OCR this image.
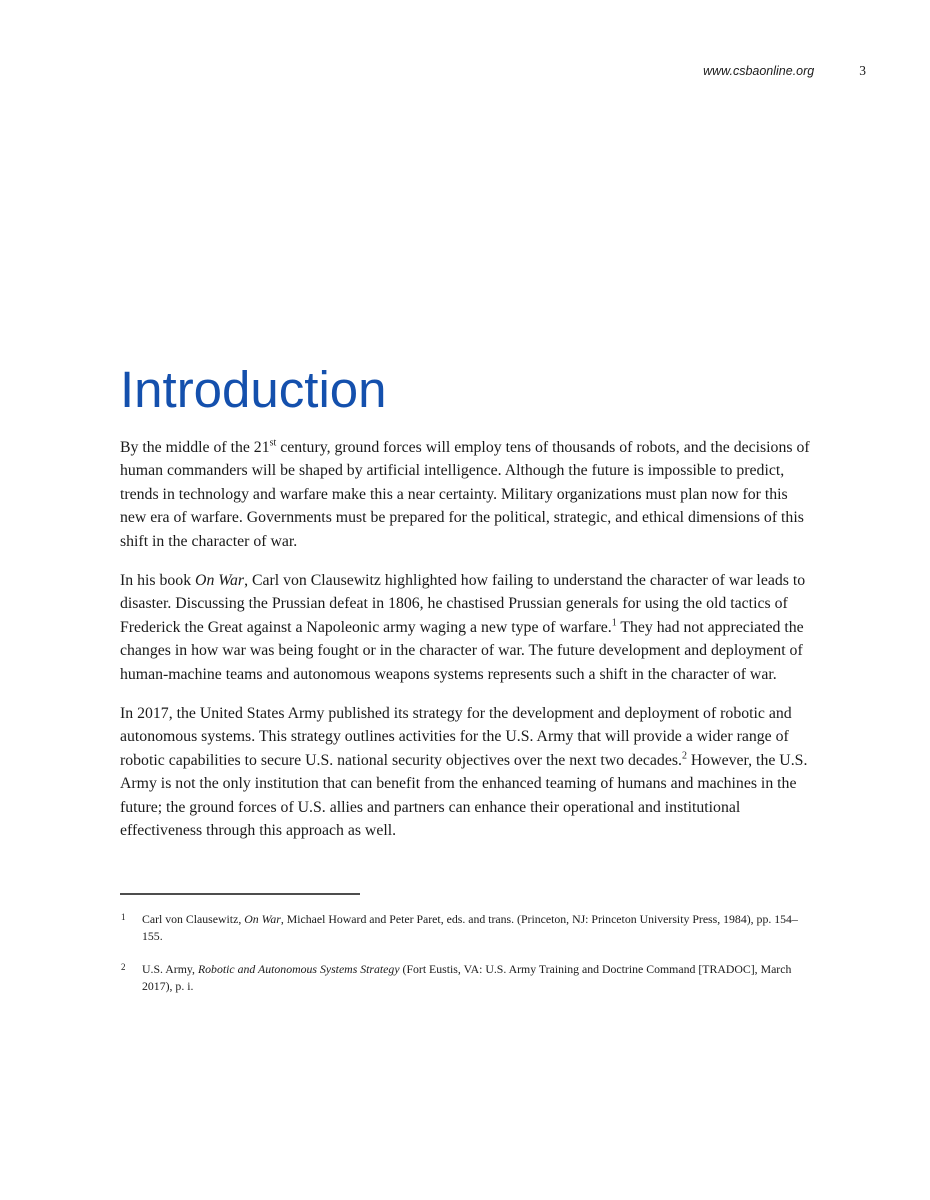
www.csbaonline.org	3
Introduction

By the middle of the 21st century, ground forces will employ tens of thousands of robots, and the decisions of human commanders will be shaped by artificial intelligence. Although the future is impossible to predict, trends in technology and warfare make this a near certainty. Military organizations must plan now for this new era of warfare. Governments must be prepared for the political, strategic, and ethical dimensions of this shift in the character of war.

In his book On War, Carl von Clausewitz highlighted how failing to understand the character of war leads to disaster. Discussing the Prussian defeat in 1806, he chastised Prussian generals for using the old tactics of Frederick the Great against a Napoleonic army waging a new type of warfare.$^1$ They had not appreciated the changes in how war was being fought or in the character of war. The future development and deployment of human-machine teams and autonomous weapons systems represents such a shift in the character of war.

In 2017, the United States Army published its strategy for the development and deployment of robotic and autonomous systems. This strategy outlines activities for the U.S. Army that will provide a wider range of robotic capabilities to secure U.S. national security objectives over the next two decades.$^2$ However, the U.S. Army is not the only institution that can benefit from the enhanced teaming of humans and machines in the future; the ground forces of U.S. allies and partners can enhance their operational and institutional effectiveness through this approach as well.

1 Carl von Clausewitz, On War, Michael Howard and Peter Paret, eds. and trans. (Princeton, NJ: Princeton University Press, 1984), pp. 154–155.
2 U.S. Army, Robotic and Autonomous Systems Strategy (Fort Eustis, VA: U.S. Army Training and Doctrine Command [TRADOC], March 2017), p. i.
